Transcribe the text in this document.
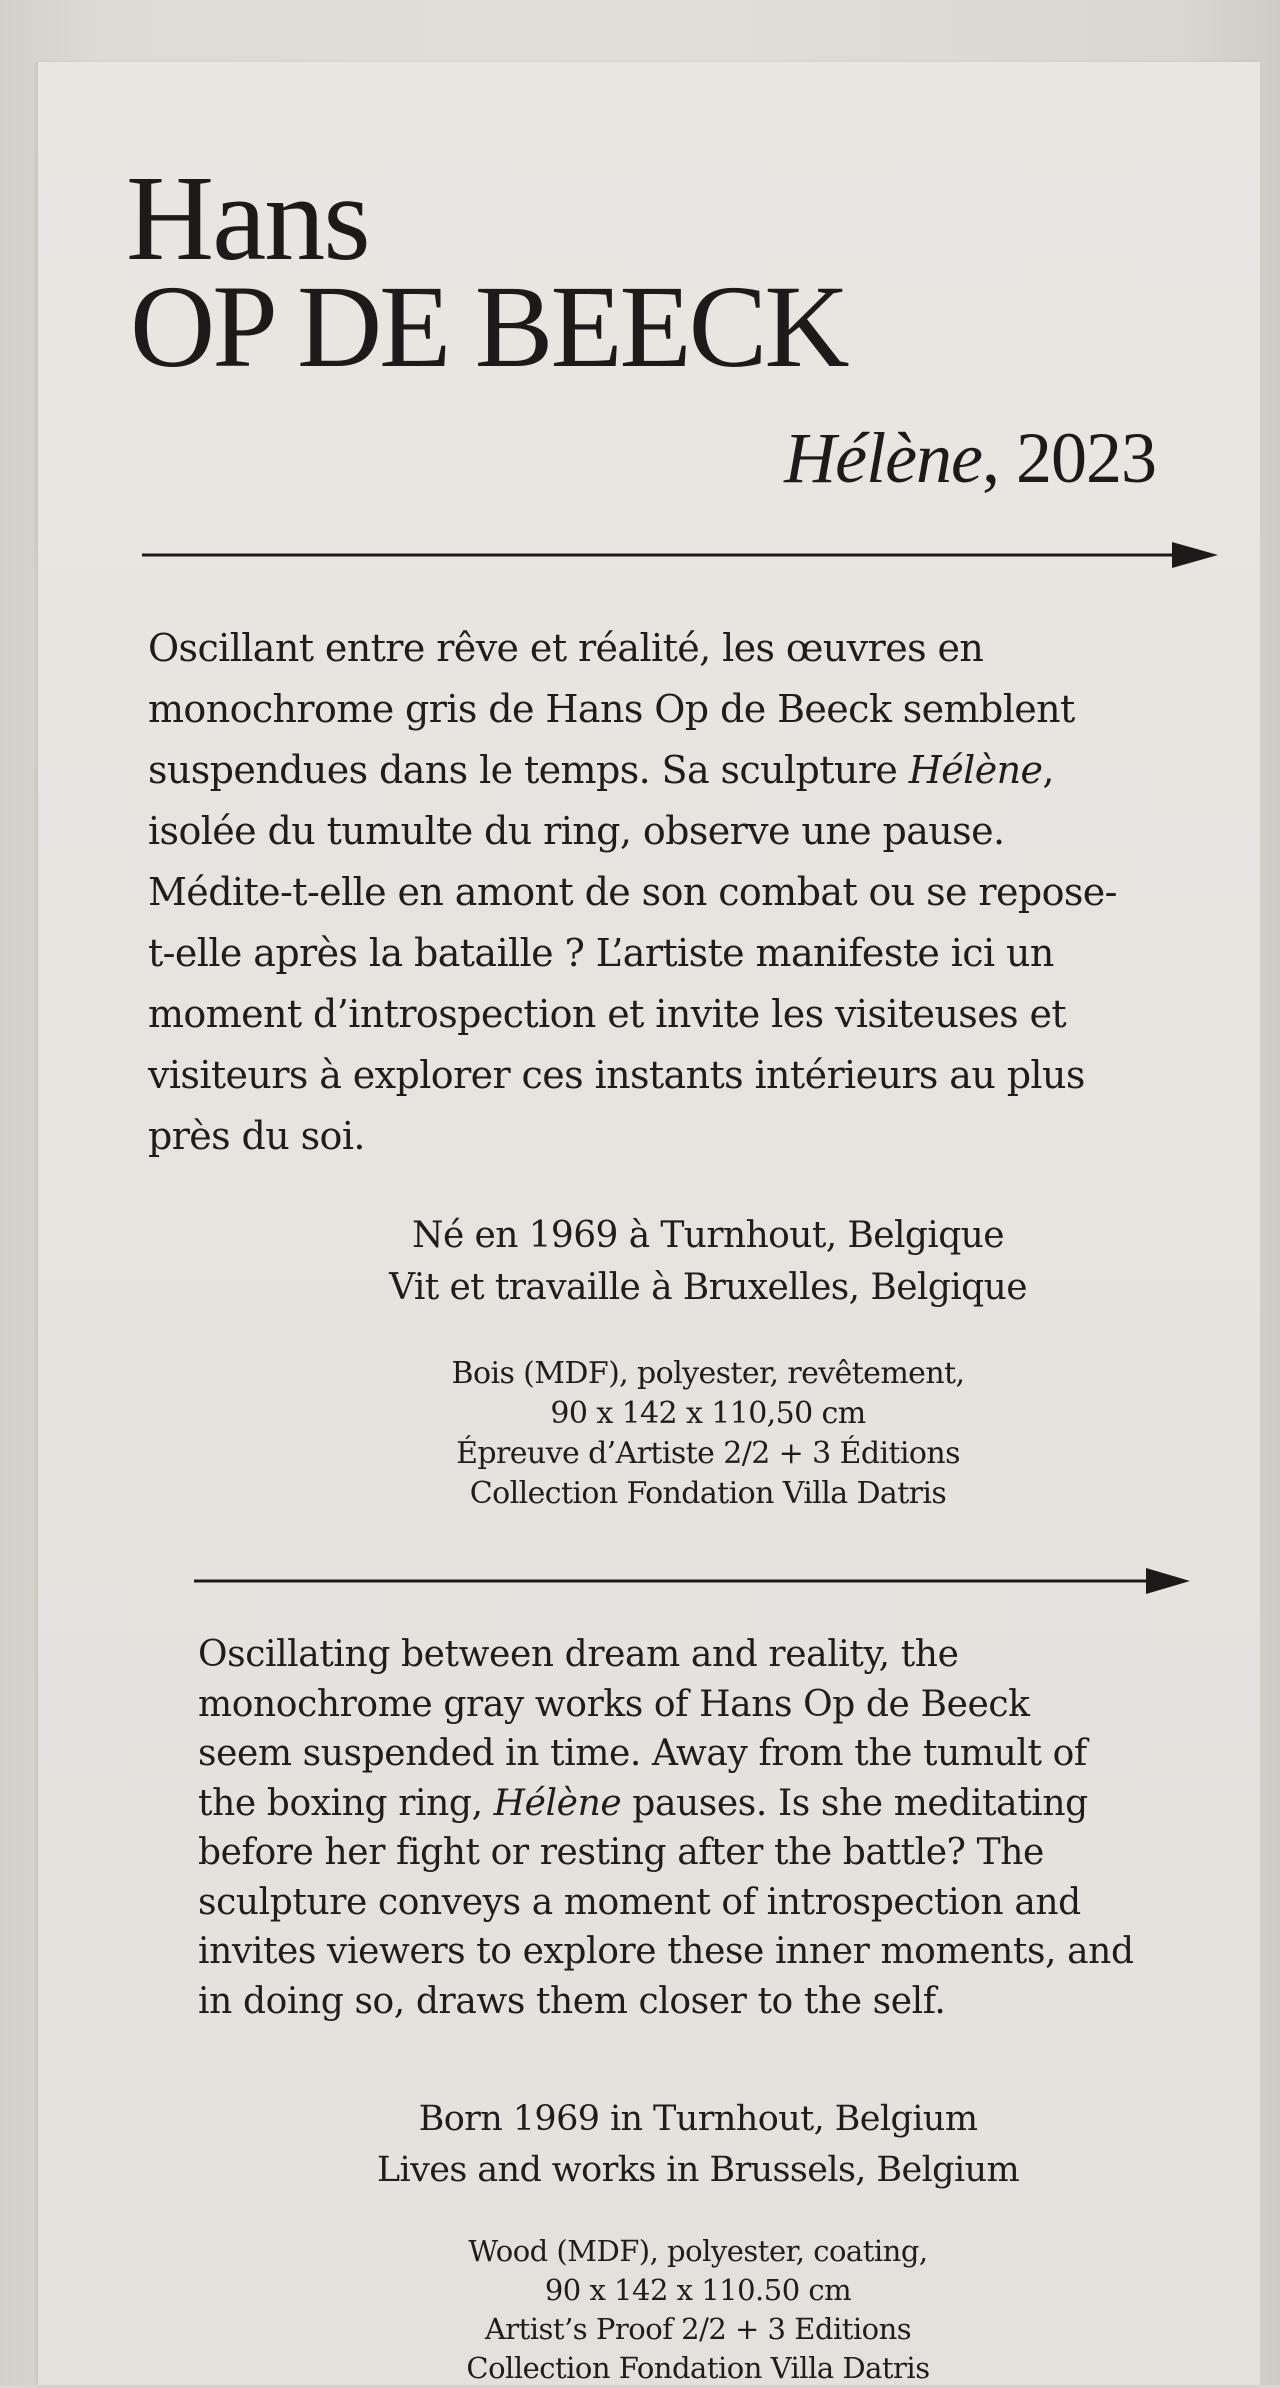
Hans
OP DE BEECK

Hélène, 2023

Oscillant entre rêve et réalité, les œuvres en
monochrome gris de Hans Op de Beeck semblent
suspendues dans le temps. Sa sculpture Hélène,
isolée du tumulte du ring, observe une pause.
Médite-t-elle en amont de son combat ou se repose-
t-elle après la bataille ? L’artiste manifeste ici un
moment d’introspection et invite les visiteuses et
visiteurs à explorer ces instants intérieurs au plus
près du soi.
Né en 1969 à Turnhout, Belgique
Vit et travaille à Bruxelles, Belgique
Bois (MDF), polyester, revêtement,
90 x 142 x 110,50 cm
Épreuve d’Artiste 2/2 + 3 Éditions
Collection Fondation Villa Datris
Oscillating between dream and reality, the
monochrome gray works of Hans Op de Beeck
seem suspended in time. Away from the tumult of
the boxing ring, Hélène pauses. Is she meditating
before her fight or resting after the battle? The
sculpture conveys a moment of introspection and
invites viewers to explore these inner moments, and
in doing so, draws them closer to the self.
Born 1969 in Turnhout, Belgium
Lives and works in Brussels, Belgium
Wood (MDF), polyester, coating,
90 x 142 x 110.50 cm
Artist’s Proof 2/2 + 3 Editions
Collection Fondation Villa Datris
